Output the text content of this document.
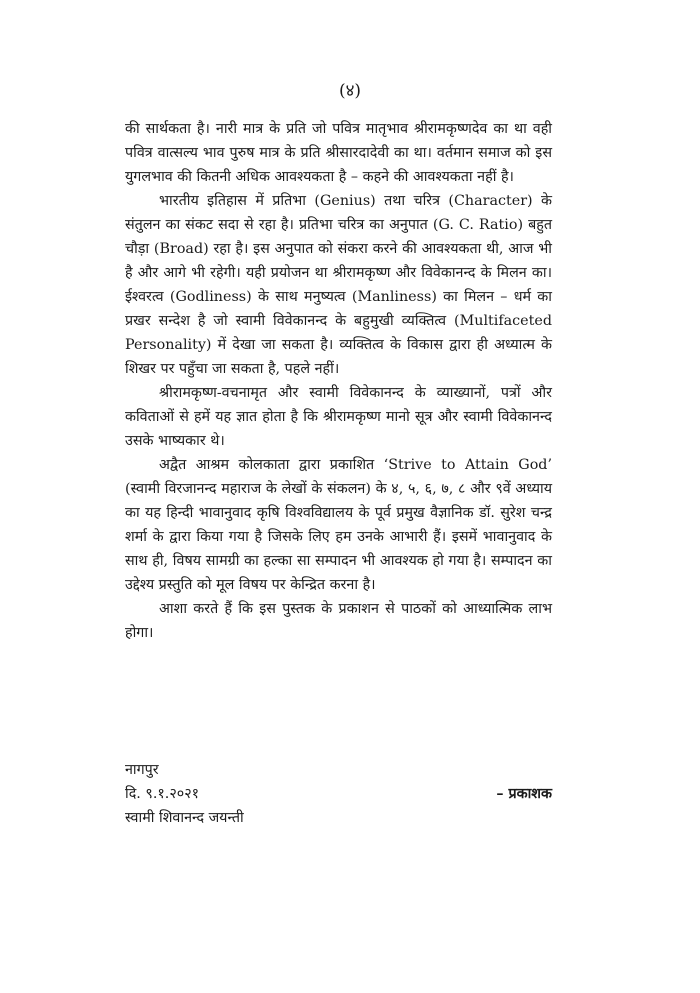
(४)

की सार्थकता है। नारी मात्र के प्रति जो पवित्र मातृभाव श्रीरामकृष्णदेव का था वही पवित्र वात्सल्य भाव पुरुष मात्र के प्रति श्रीसारदादेवी का था। वर्तमान समाज को इस युगलभाव की कितनी अधिक आवश्यकता है – कहने की आवश्यकता नहीं है।

भारतीय इतिहास में प्रतिभा (Genius) तथा चरित्र (Character) के संतुलन का संकट सदा से रहा है। प्रतिभा चरित्र का अनुपात (G. C. Ratio) बहुत चौड़ा (Broad) रहा है। इस अनुपात को संकरा करने की आवश्यकता थी, आज भी है और आगे भी रहेगी। यही प्रयोजन था श्रीरामकृष्ण और विवेकानन्द के मिलन का। ईश्वरत्व (Godliness) के साथ मनुष्यत्व (Manliness) का मिलन – धर्म का प्रखर सन्देश है जो स्वामी विवेकानन्द के बहुमुखी व्यक्तित्व (Multifaceted Personality) में देखा जा सकता है। व्यक्तित्व के विकास द्वारा ही अध्यात्म के शिखर पर पहुँचा जा सकता है, पहले नहीं।

श्रीरामकृष्ण-वचनामृत और स्वामी विवेकानन्द के व्याख्यानों, पत्रों और कविताओं से हमें यह ज्ञात होता है कि श्रीरामकृष्ण मानो सूत्र और स्वामी विवेकानन्द उसके भाष्यकार थे।

अद्वैत आश्रम कोलकाता द्वारा प्रकाशित ‘Strive to Attain God’ (स्वामी विरजानन्द महाराज के लेखों के संकलन) के ४, ५, ६, ७, ८ और ९वें अध्याय का यह हिन्दी भावानुवाद कृषि विश्वविद्यालय के पूर्व प्रमुख वैज्ञानिक डॉ. सुरेश चन्द्र शर्मा के द्वारा किया गया है जिसके लिए हम उनके आभारी हैं। इसमें भावानुवाद के साथ ही, विषय सामग्री का हल्का सा सम्पादन भी आवश्यक हो गया है। सम्पादन का उद्देश्य प्रस्तुति को मूल विषय पर केन्द्रित करना है।

आशा करते हैं कि इस पुस्तक के प्रकाशन से पाठकों को आध्यात्मिक लाभ होगा।

नागपुर
दि. ९.१.२०२१	– प्रकाशक
स्वामी शिवानन्द जयन्ती
